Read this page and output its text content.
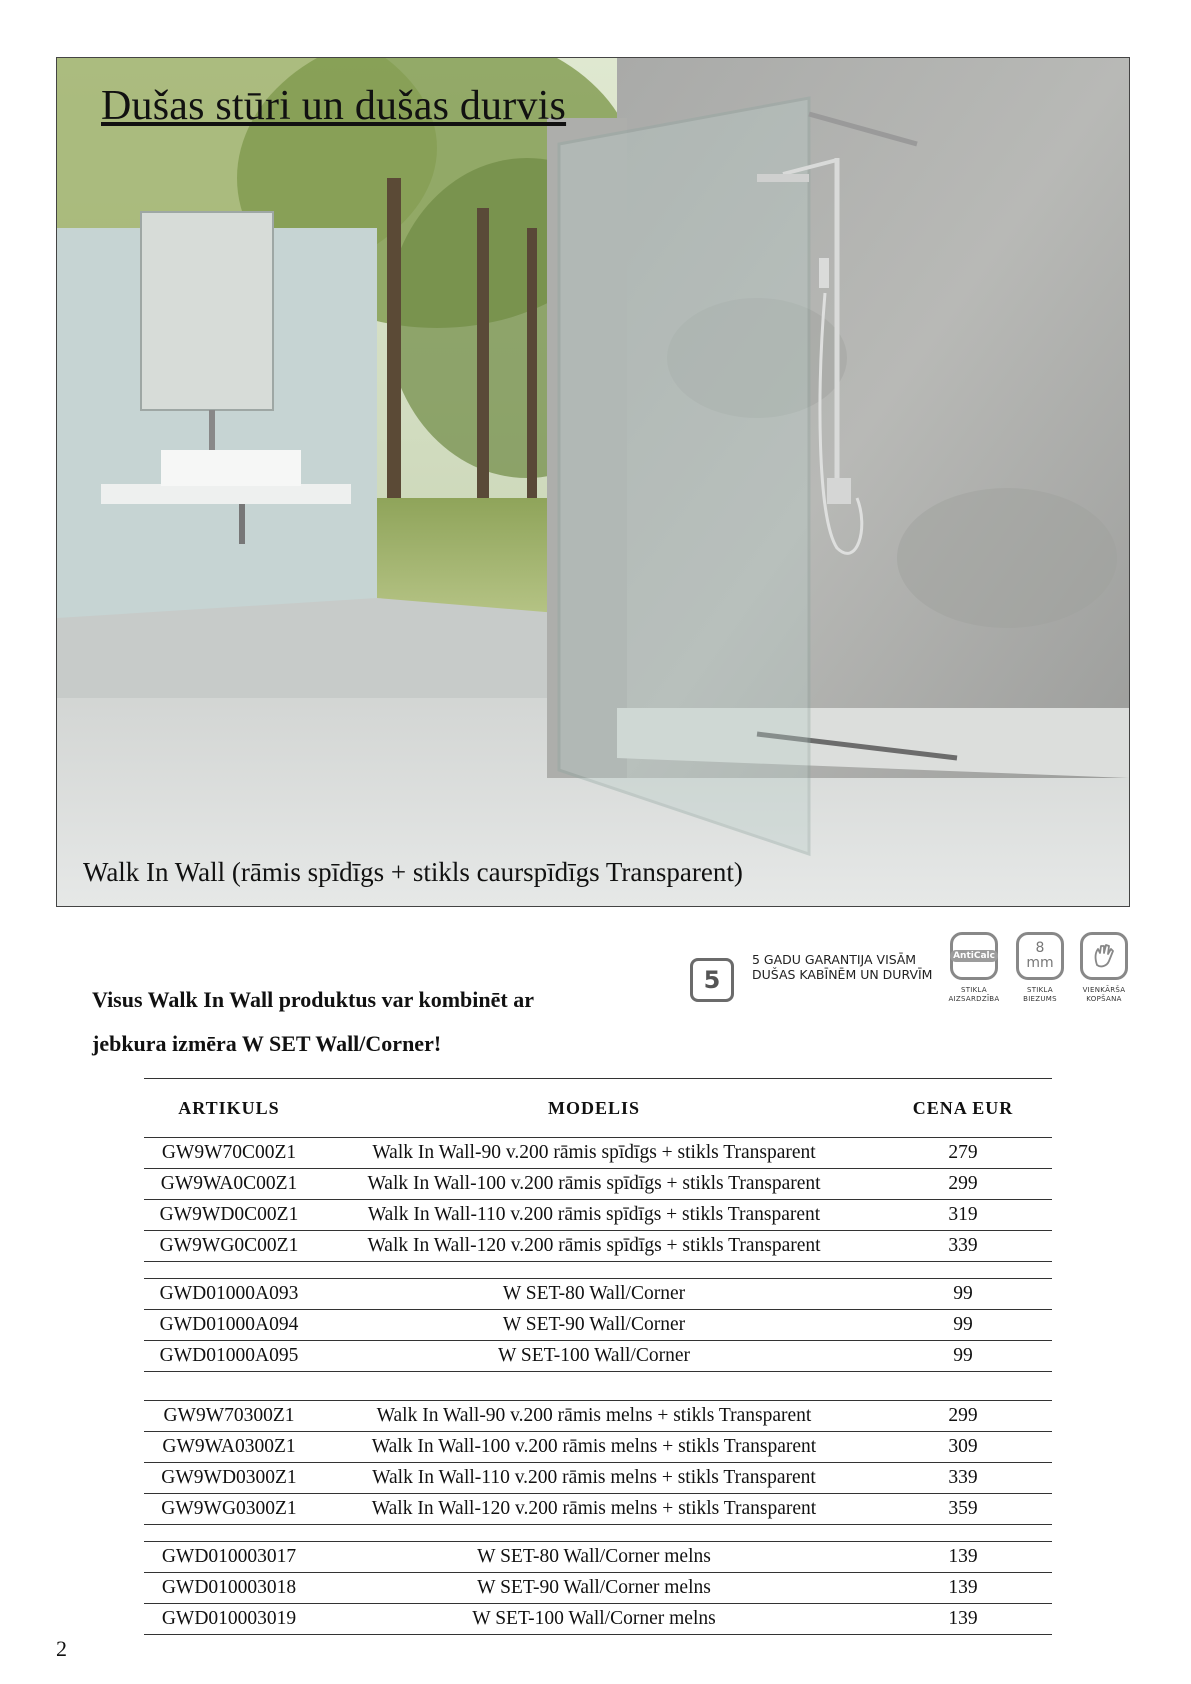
Dušas stūri un dušas durvis
Walk In Wall (rāmis spīdīgs + stikls caurspīdīgs Transparent)
Visus Walk In Wall produktus var kombinēt ar
jebkura izmēra W SET Wall/Corner!
5
5 GADU GARANTIJA VISĀM DUŠAS KABĪNĒM UN DURVĪM
AntiCalc
STIKLA
AIZSARDZĪBA
8
mm
STIKLA
BIEZUMS
VIENKĀRŠA
KOPŠANA
ARTIKULS	MODELIS	CENA EUR
GW9W70C00Z1	Walk In Wall-90 v.200 rāmis spīdīgs + stikls Transparent	279
GW9WA0C00Z1	Walk In Wall-100 v.200 rāmis spīdīgs + stikls Transparent	299
GW9WD0C00Z1	Walk In Wall-110 v.200 rāmis spīdīgs + stikls Transparent	319
GW9WG0C00Z1	Walk In Wall-120 v.200 rāmis spīdīgs + stikls Transparent	339

GWD01000A093	W SET-80 Wall/Corner	99
GWD01000A094	W SET-90 Wall/Corner	99
GWD01000A095	W SET-100 Wall/Corner	99

GW9W70300Z1	Walk In Wall-90 v.200 rāmis melns + stikls Transparent	299
GW9WA0300Z1	Walk In Wall-100 v.200 rāmis melns + stikls Transparent	309
GW9WD0300Z1	Walk In Wall-110 v.200 rāmis melns + stikls Transparent	339
GW9WG0300Z1	Walk In Wall-120 v.200 rāmis melns + stikls Transparent	359

GWD010003017	W SET-80 Wall/Corner melns	139
GWD010003018	W SET-90 Wall/Corner melns	139
GWD010003019	W SET-100 Wall/Corner melns	139
2
